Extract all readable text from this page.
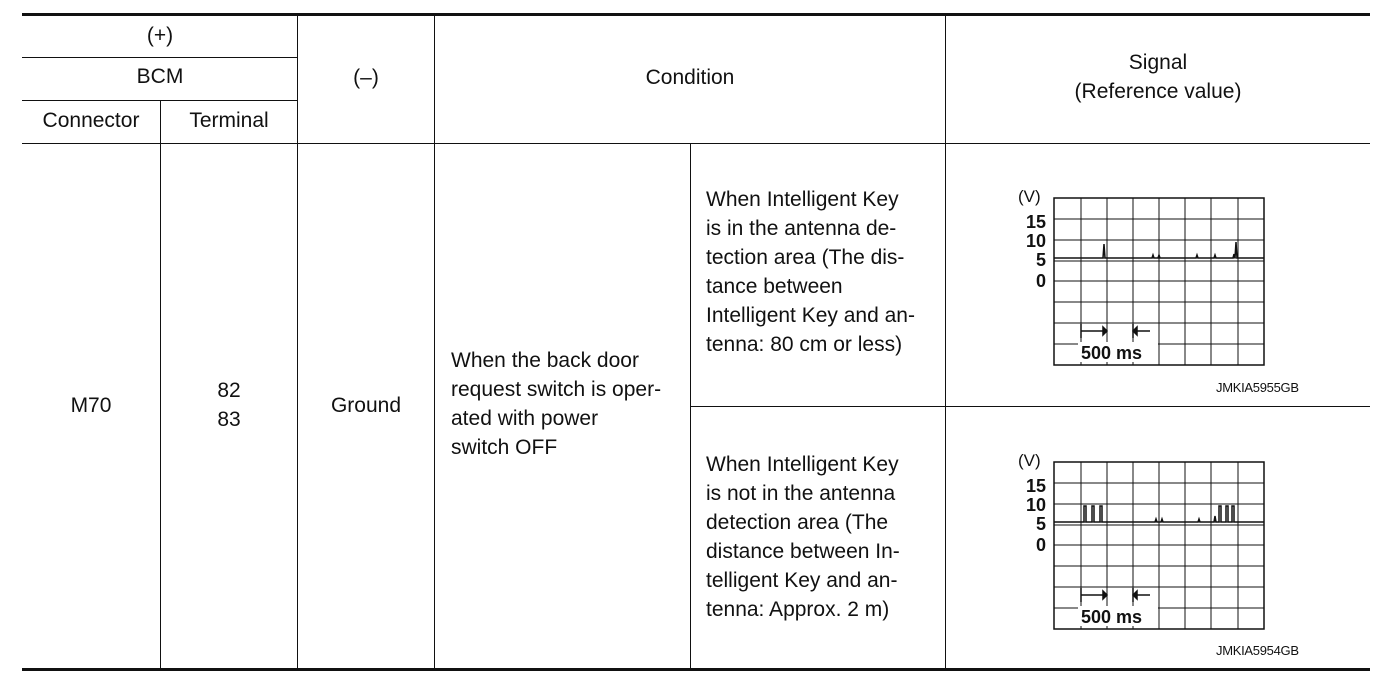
(+)
BCM
Connector	Terminal
(–)	Condition
Signal
(Reference value)
M70
82
83
Ground
When the back door
request switch is oper-
ated with power
switch OFF
When Intelligent Key
is in the antenna de-
tection area (The dis-
tance between
Intelligent Key and an-
tenna: 80 cm or less)
When Intelligent Key
is not in the antenna
detection area (The
distance between In-
telligent Key and an-
tenna: Approx. 2 m)
(V)
15
10
5
0
500 ms
JMKIA5955GB
(V)
15
10
5
0
500 ms
JMKIA5954GB
